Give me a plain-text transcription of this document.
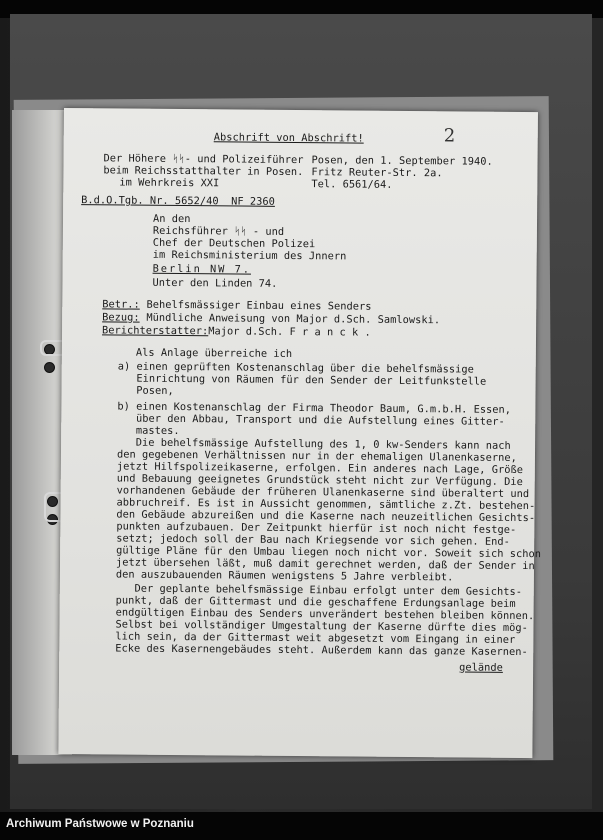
Abschrift von Abschrift!	2
Der Höhere ᛋᛋ- und Polizeiführer
beim Reichsstatthalter in Posen.
im Wehrkreis XXI
Posen, den 1. September 1940.
Fritz Reuter-Str. 2a.
Tel. 6561/64.
B.d.O.Tgb. Nr. 5652/40  NF 2360
An den
Reichsführer ᛋᛋ - und
Chef der Deutschen Polizei
im Reichsministerium des Jnnern
Berlin NW 7.
Unter den Linden 74.
Betr.: Behelfsmässiger Einbau eines Senders
Bezug: Mündliche Anweisung von Major d.Sch. Samlowski.
Berichterstatter:
Major d.Sch. F r a n c k .
Als Anlage überreiche ich
a) einen geprüften Kostenanschlag über die behelfsmässige
Einrichtung von Räumen für den Sender der Leitfunkstelle
Posen,
b) einen Kostenanschlag der Firma Theodor Baum, G.m.b.H. Essen,
über den Abbau, Transport und die Aufstellung eines Gitter-
mastes.
Die behelfsmässige Aufstellung des 1, 0 kw-Senders kann nach
den gegebenen Verhältnissen nur in der ehemaligen Ulanenkaserne,
jetzt Hilfspolizeikaserne, erfolgen. Ein anderes nach Lage, Größe
und Bebauung geeignetes Grundstück steht nicht zur Verfügung. Die
vorhandenen Gebäude der früheren Ulanenkaserne sind überaltert und
abbruchreif. Es ist in Aussicht genommen, sämtliche z.Zt. bestehen-
den Gebäude abzureißen und die Kaserne nach neuzeitlichen Gesichts-
punkten aufzubauen. Der Zeitpunkt hierfür ist noch nicht festge-
setzt; jedoch soll der Bau nach Kriegsende vor sich gehen. End-
gültige Pläne für den Umbau liegen noch nicht vor. Soweit sich schon
jetzt übersehen läßt, muß damit gerechnet werden, daß der Sender in
den auszubauenden Räumen wenigstens 5 Jahre verbleibt.
Der geplante behelfsmässige Einbau erfolgt unter dem Gesichts-
punkt, daß der Gittermast und die geschaffene Erdungsanlage beim
endgültigen Einbau des Senders unverändert bestehen bleiben können.
Selbst bei vollständiger Umgestaltung der Kaserne dürfte dies mög-
lich sein, da der Gittermast weit abgesetzt vom Eingang in einer
Ecke des Kasernengebäudes steht. Außerdem kann das ganze Kasernen-
gelände
Archiwum Państwowe w Poznaniu
